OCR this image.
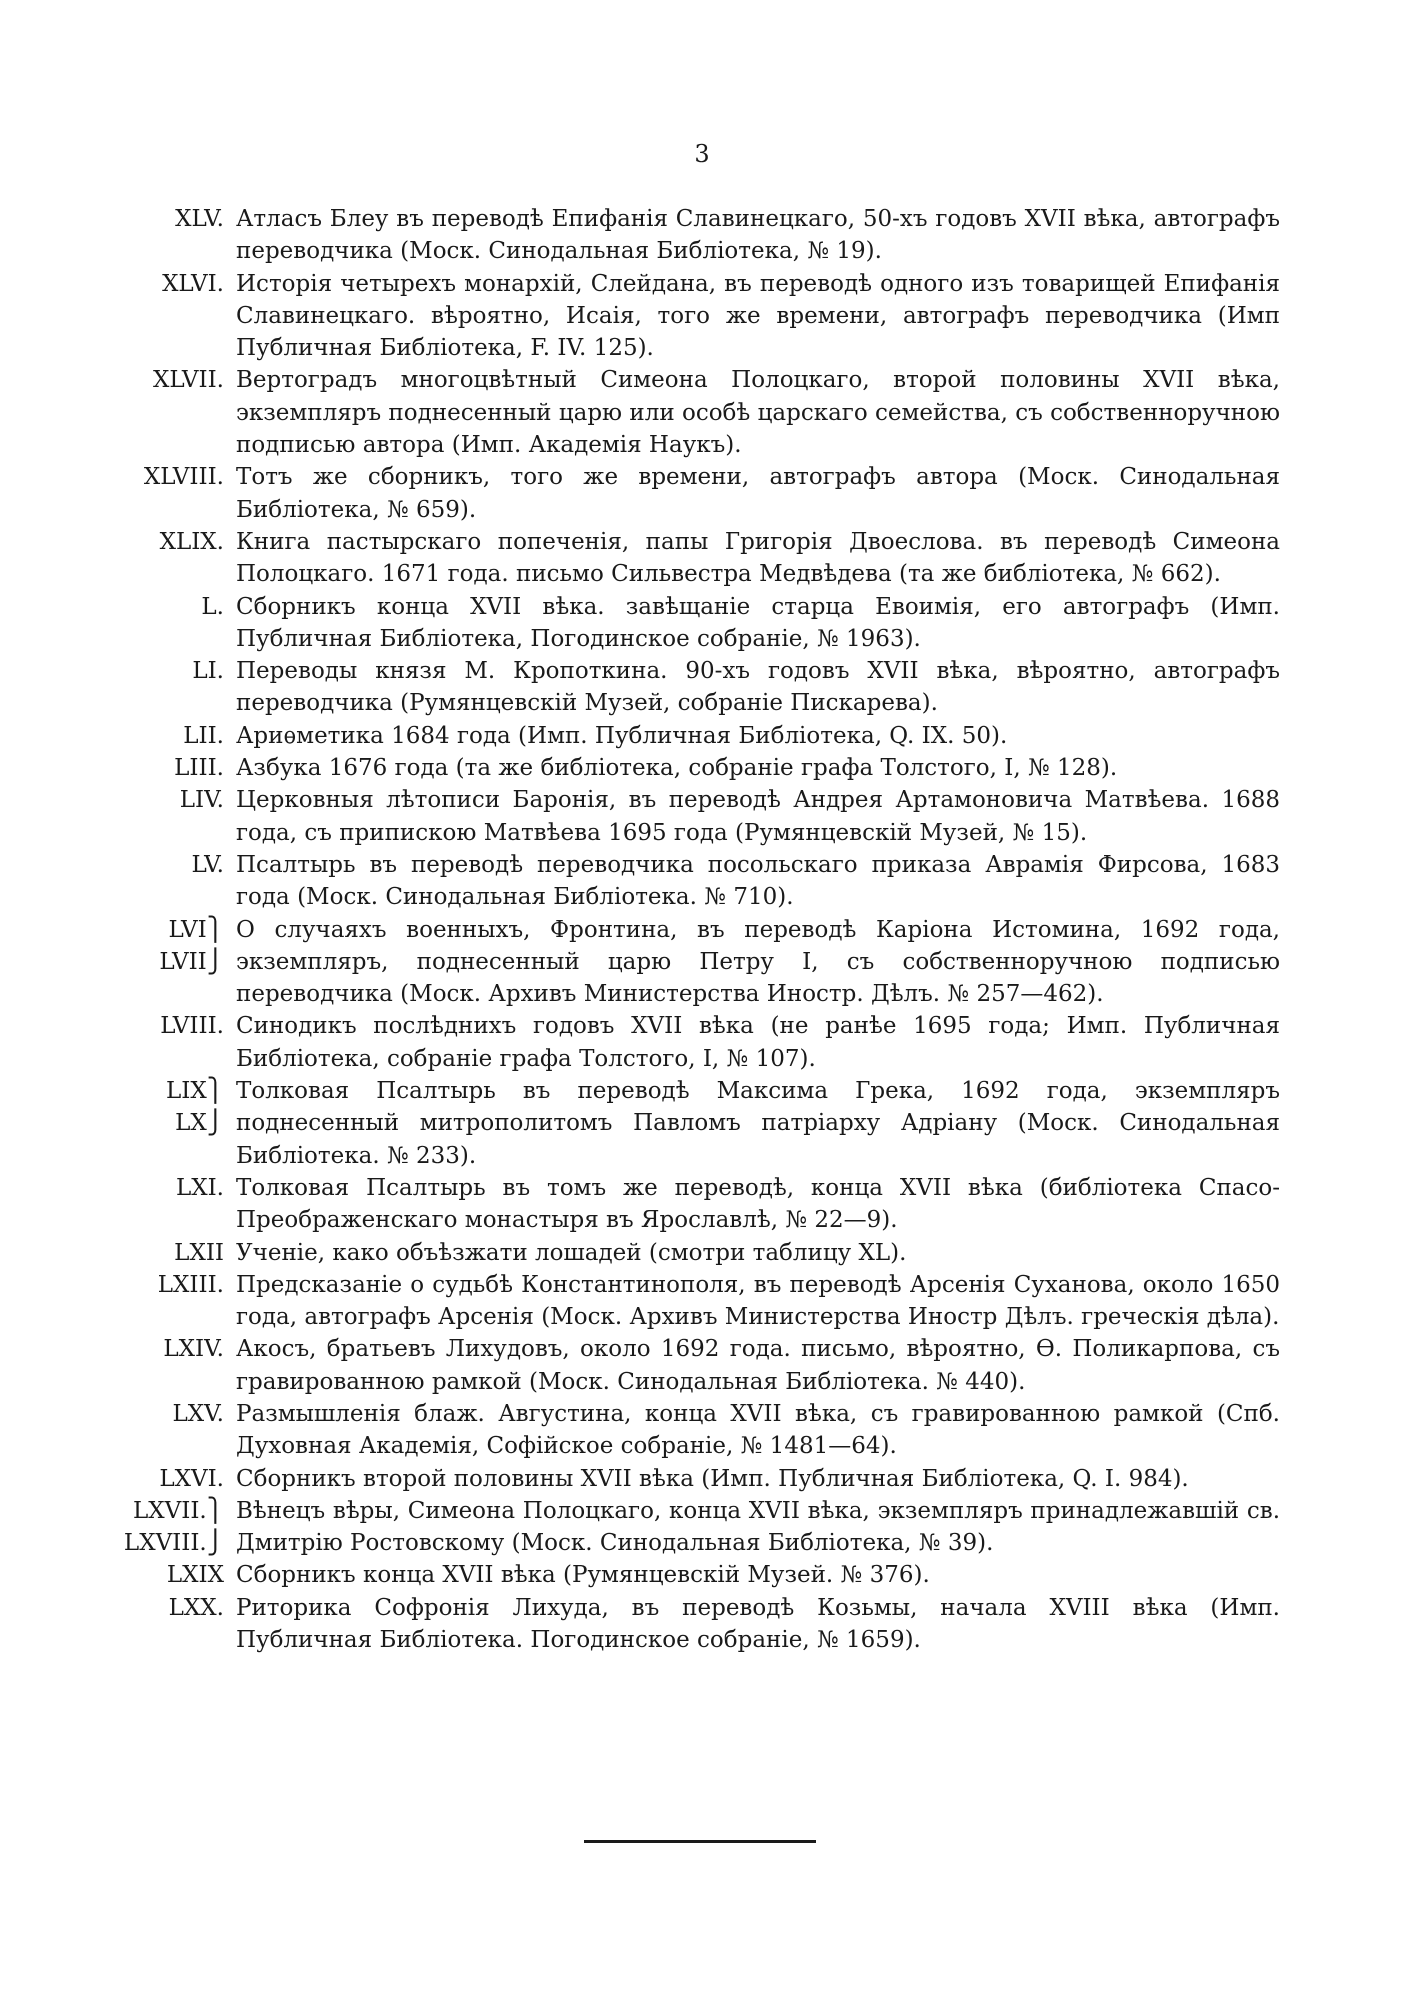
3
XLV. Атласъ Блеу въ переводѣ Епифанія Славинецкаго, 50-хъ годовъ XVII вѣка, автографъ переводчика (Моск. Синодальная Библіотека, № 19).
XLVI. Исторія четырехъ монархій, Слейдана, въ переводѣ одного изъ товарищей Епифанія Славинецкаго. вѣроятно, Исаія, того же времени, автографъ переводчика (Имп Публичная Библіотека, F. IV. 125).
XLVII. Вертоградъ многоцвѣтный Симеона Полоцкаго, второй половины XVII вѣка, экземпляръ поднесенный царю или особѣ царскаго семейства, съ собственноручною подписью автора (Имп. Академія Наукъ).
XLVIII. Тотъ же сборникъ, того же времени, автографъ автора (Моск. Синодальная Библіотека, № 659).
XLIX. Книга пастырскаго попеченія, папы Григорія Двоеслова. въ переводѣ Симеона Полоцкаго. 1671 года. письмо Сильвестра Медвѣдева (та же библіотека, № 662).
L. Сборникъ конца XVII вѣка. завѣщаніе старца Евоимія, его автографъ (Имп. Публичная Библіотека, Погодинское собраніе, № 1963).
LI. Переводы князя М. Кропоткина. 90-хъ годовъ XVII вѣка, вѣроятно, автографъ переводчика (Румянцевскій Музей, собраніе Пискарева).
LII. Ариѳметика 1684 года (Имп. Публичная Библіотека, Q. IX. 50).
LIII. Азбука 1676 года (та же библіотека, собраніе графа Толстого, I, № 128).
LIV. Церковныя лѣтописи Баронія, въ переводѣ Андрея Артамоновича Матвѣева. 1688 года, съ припискою Матвѣева 1695 года (Румянцевскій Музей, № 15).
LV. Псалтырь въ переводѣ переводчика посольскаго приказа Аврамія Фирсова, 1683 года (Моск. Синодальная Библіотека. № 710).
LVI⎫
LVII⎭
О случаяхъ военныхъ, Фронтина, въ переводѣ Каріона Истомина, 1692 года, экземпляръ, поднесенный царю Петру I, съ собственноручною подписью переводчика (Моск. Архивъ Министерства Иностр. Дѣлъ. № 257—462).
LVIII. Синодикъ послѣднихъ годовъ XVII вѣка (не ранѣе 1695 года; Имп. Публичная Библіотека, собраніе графа Толстого, I, № 107).
LIX⎫
LX⎭
Толковая Псалтырь въ переводѣ Максима Грека, 1692 года, экземпляръ поднесенный митрополитомъ Павломъ патріарху Адріану (Моск. Синодальная Библіотека. № 233).
LXI. Толковая Псалтырь въ томъ же переводѣ, конца XVII вѣка (библіотека Спасо-Преображенскаго монастыря въ Ярославлѣ, № 22—9).
LXII Ученіе, како объѣзжати лошадей (смотри таблицу XL).
LXIII. Предсказаніе о судьбѣ Константинополя, въ переводѣ Арсенія Суханова, около 1650 года, автографъ Арсенія (Моск. Архивъ Министерства Иностр Дѣлъ. греческія дѣла).
LXIV. Акосъ, братьевъ Лихудовъ, около 1692 года. письмо, вѣроятно, Ѳ. Поликарпова, съ гравированною рамкой (Моск. Синодальная Библіотека. № 440).
LXV. Размышленія блаж. Августина, конца XVII вѣка, съ гравированною рамкой (Спб. Духовная Академія, Софійское собраніе, № 1481—64).
LXVI. Сборникъ второй половины XVII вѣка (Имп. Публичная Библіотека, Q. I. 984).
LXVII.⎫
LXVIII.⎭
Вѣнецъ вѣры, Симеона Полоцкаго, конца XVII вѣка, экземпляръ принадлежавшій св. Дмитрію Ростовскому (Моск. Синодальная Библіотека, № 39).
LXIX Сборникъ конца XVII вѣка (Румянцевскій Музей. № 376).
LXX. Риторика Софронія Лихуда, въ переводѣ Козьмы, начала XVIII вѣка (Имп. Публичная Библіотека. Погодинское собраніе, № 1659).
